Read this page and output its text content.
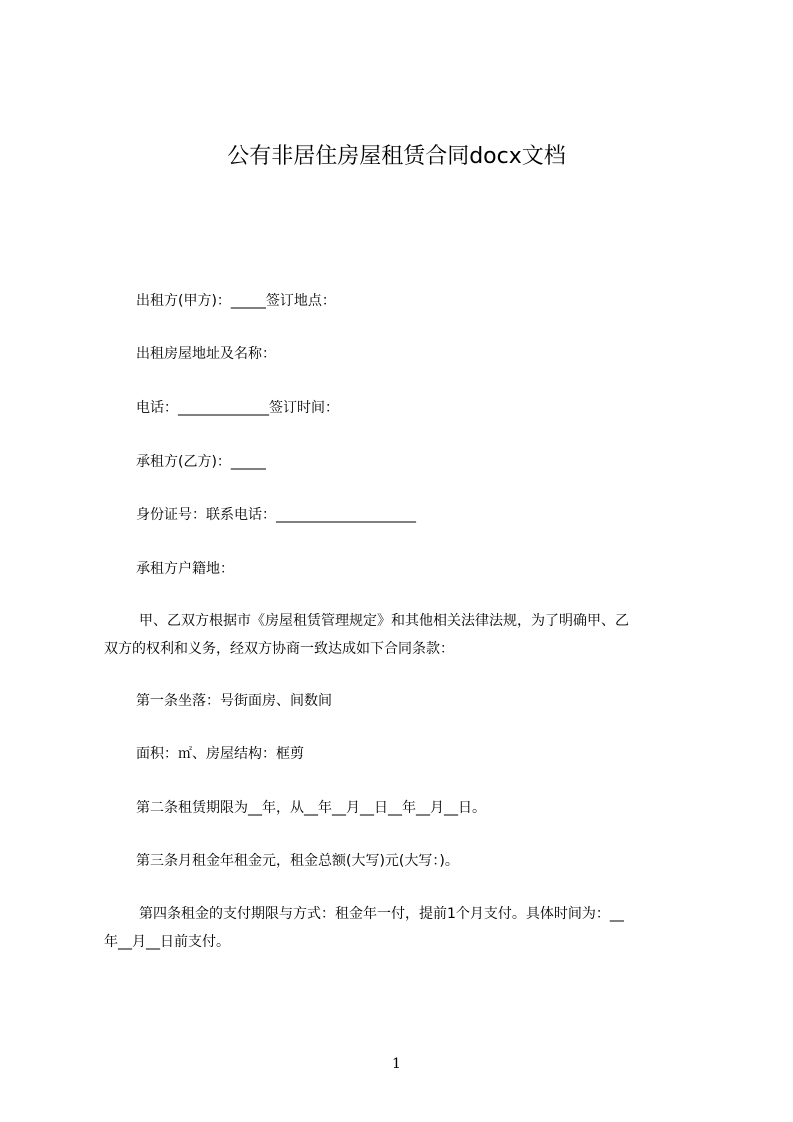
公有非居住房屋租赁合同docx文档
出租方(甲方)：_____签订地点：
出租房屋地址及名称：
电话：_____________签订时间：
承租方(乙方)：_____
身份证号：联系电话：____________________
承租方户籍地：
甲、乙双方根据市《房屋租赁管理规定》和其他相关法律法规，为了明确甲、乙
双方的权利和义务，经双方协商一致达成如下合同条款：
第一条坐落：号街面房、间数间
面积：㎡、房屋结构：框剪
第二条租赁期限为__年，从__年__月__日__年__月__日。
第三条月租金年租金元，租金总额(大写)元(大写：)。
第四条租金的支付期限与方式：租金年一付，提前1个月支付。具体时间为：__
年__月__日前支付。
1
